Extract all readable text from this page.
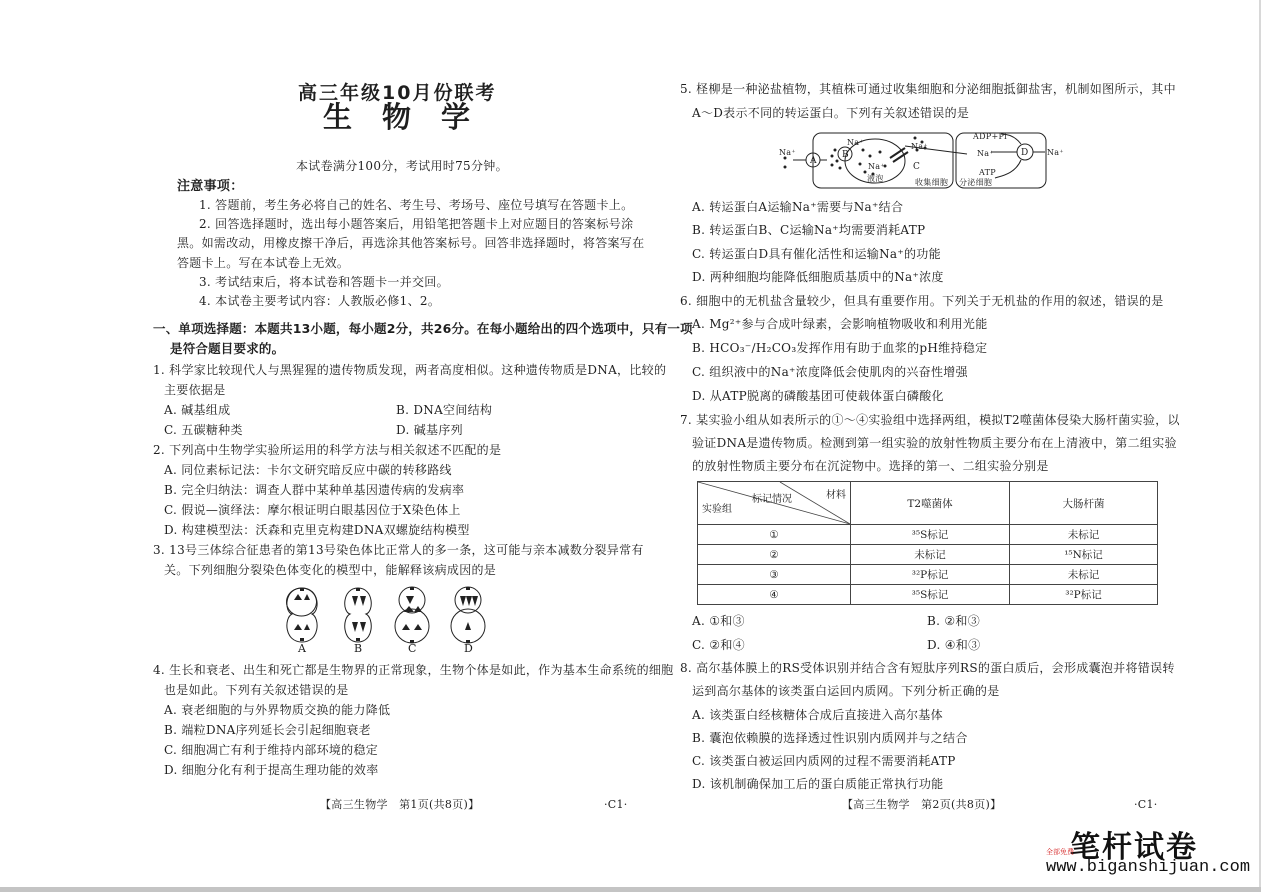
高三年级10月份联考
生物学
本试卷满分100分，考试用时75分钟。
注意事项：
1. 答题前，考生务必将自己的姓名、考生号、考场号、座位号填写在答题卡上。
2. 回答选择题时，选出每小题答案后，用铅笔把答题卡上对应题目的答案标号涂
黑。如需改动，用橡皮擦干净后，再选涂其他答案标号。回答非选择题时，将答案写在
答题卡上。写在本试卷上无效。
3. 考试结束后，将本试卷和答题卡一并交回。
4. 本试卷主要考试内容：人教版必修1、2。
一、单项选择题：本题共13小题，每小题2分，共26分。在每小题给出的四个选项中，只有一项
是符合题目要求的。
1. 科学家比较现代人与黑猩猩的遗传物质发现，两者高度相似。这种遗传物质是DNA，比较的
主要依据是
A. 碱基组成	B. DNA空间结构
C. 五碳糖种类	D. 碱基序列
2. 下列高中生物学实验所运用的科学方法与相关叙述不匹配的是
A. 同位素标记法：卡尔文研究暗反应中碳的转移路线
B. 完全归纳法：调查人群中某种单基因遗传病的发病率
C. 假说—演绎法：摩尔根证明白眼基因位于X染色体上
D. 构建模型法：沃森和克里克构建DNA双螺旋结构模型
3. 13号三体综合征患者的第13号染色体比正常人的多一条，这可能与亲本减数分裂异常有
关。下列细胞分裂染色体变化的模型中，能解释该病成因的是
A	B	C	D
4. 生长和衰老、出生和死亡都是生物界的正常现象，生物个体是如此，作为基本生命系统的细胞
也是如此。下列有关叙述错误的是
A. 衰老细胞的与外界物质交换的能力降低
B. 端粒DNA序列延长会引起细胞衰老
C. 细胞凋亡有利于维持内部环境的稳定
D. 细胞分化有利于提高生理功能的效率
【高三生物学　第1页(共8页)】	·C1·
5. 柽柳是一种泌盐植物，其植株可通过收集细胞和分泌细胞抵御盐害，机制如图所示，其中
A～D表示不同的转运蛋白。下列有关叙述错误的是
Na⁺
A
B
C
D
Na⁺
Na⁺
液泡
Na⁺
收集细胞 分泌细胞
ADP+Pi
Na⁺
ATP
Na⁺
A. 转运蛋白A运输Na⁺需要与Na⁺结合
B. 转运蛋白B、C运输Na⁺均需要消耗ATP
C. 转运蛋白D具有催化活性和运输Na⁺的功能
D. 两种细胞均能降低细胞质基质中的Na⁺浓度
6. 细胞中的无机盐含量较少，但具有重要作用。下列关于无机盐的作用的叙述，错误的是
A. Mg²⁺参与合成叶绿素，会影响植物吸收和利用光能
B. HCO₃⁻/H₂CO₃发挥作用有助于血浆的pH维持稳定
C. 组织液中的Na⁺浓度降低会使肌肉的兴奋性增强
D. 从ATP脱离的磷酸基团可使载体蛋白磷酸化
7. 某实验小组从如表所示的①～④实验组中选择两组，模拟T2噬菌体侵染大肠杆菌实验，以
验证DNA是遗传物质。检测到第一组实验的放射性物质主要分布在上清液中，第二组实验
的放射性物质主要分布在沉淀物中。选择的第一、二组实验分别是
材料
标记情况
实验组	T2噬菌体	大肠杆菌
①	³⁵S标记	未标记
②	未标记	¹⁵N标记
③	³²P标记	未标记
④	³⁵S标记	³²P标记
A. ①和③	B. ②和③
C. ②和④	D. ④和③
8. 高尔基体膜上的RS受体识别并结合含有短肽序列RS的蛋白质后，会形成囊泡并将错误转
运到高尔基体的该类蛋白运回内质网。下列分析正确的是
A. 该类蛋白经核糖体合成后直接进入高尔基体
B. 囊泡依赖膜的选择透过性识别内质网并与之结合
C. 该类蛋白被运回内质网的过程不需要消耗ATP
D. 该机制确保加工后的蛋白质能正常执行功能
【高三生物学　第2页(共8页)】	·C1·
笔杆试卷
全部免费
www.biganshijuan.com
